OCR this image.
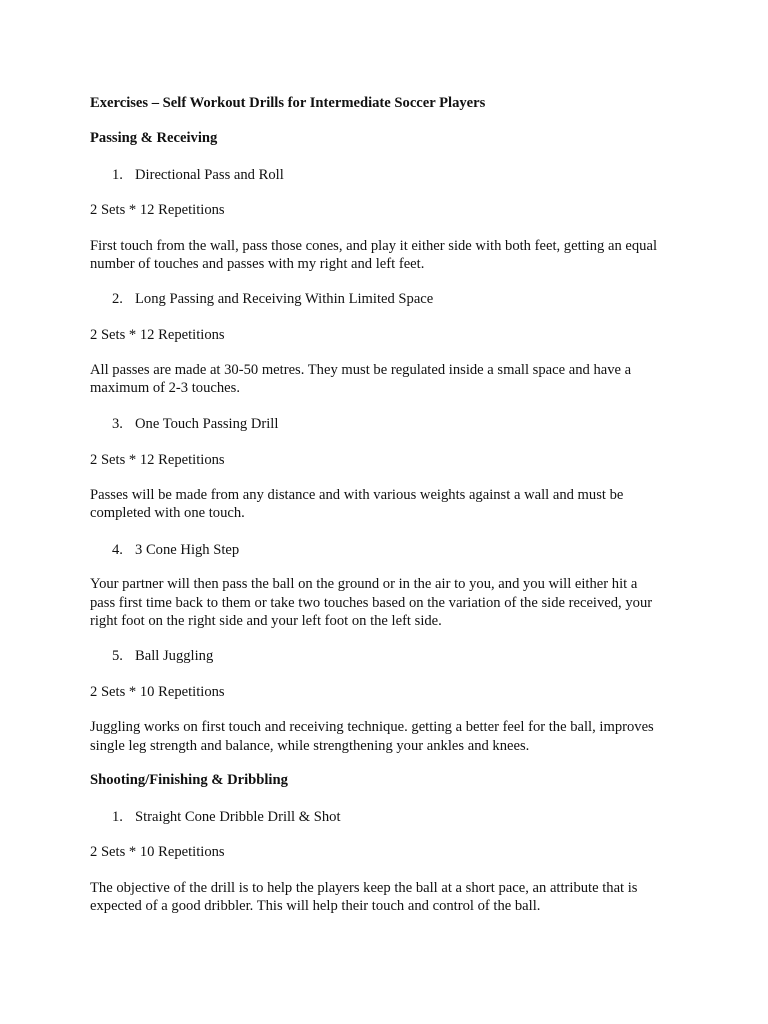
Exercises – Self Workout Drills for Intermediate Soccer Players
Passing & Receiving
1. Directional Pass and Roll
2 Sets * 12 Repetitions
First touch from the wall, pass those cones, and play it either side with both feet, getting an equal
number of touches and passes with my right and left feet.
2. Long Passing and Receiving Within Limited Space
2 Sets * 12 Repetitions
All passes are made at 30-50 metres. They must be regulated inside a small space and have a
maximum of 2-3 touches.
3. One Touch Passing Drill
2 Sets * 12 Repetitions
Passes will be made from any distance and with various weights against a wall and must be
completed with one touch.
4. 3 Cone High Step
Your partner will then pass the ball on the ground or in the air to you, and you will either hit a
pass first time back to them or take two touches based on the variation of the side received, your
right foot on the right side and your left foot on the left side.
5. Ball Juggling
2 Sets * 10 Repetitions
Juggling works on first touch and receiving technique. getting a better feel for the ball, improves
single leg strength and balance, while strengthening your ankles and knees.
Shooting/Finishing & Dribbling
1. Straight Cone Dribble Drill & Shot
2 Sets * 10 Repetitions
The objective of the drill is to help the players keep the ball at a short pace, an attribute that is
expected of a good dribbler. This will help their touch and control of the ball.
